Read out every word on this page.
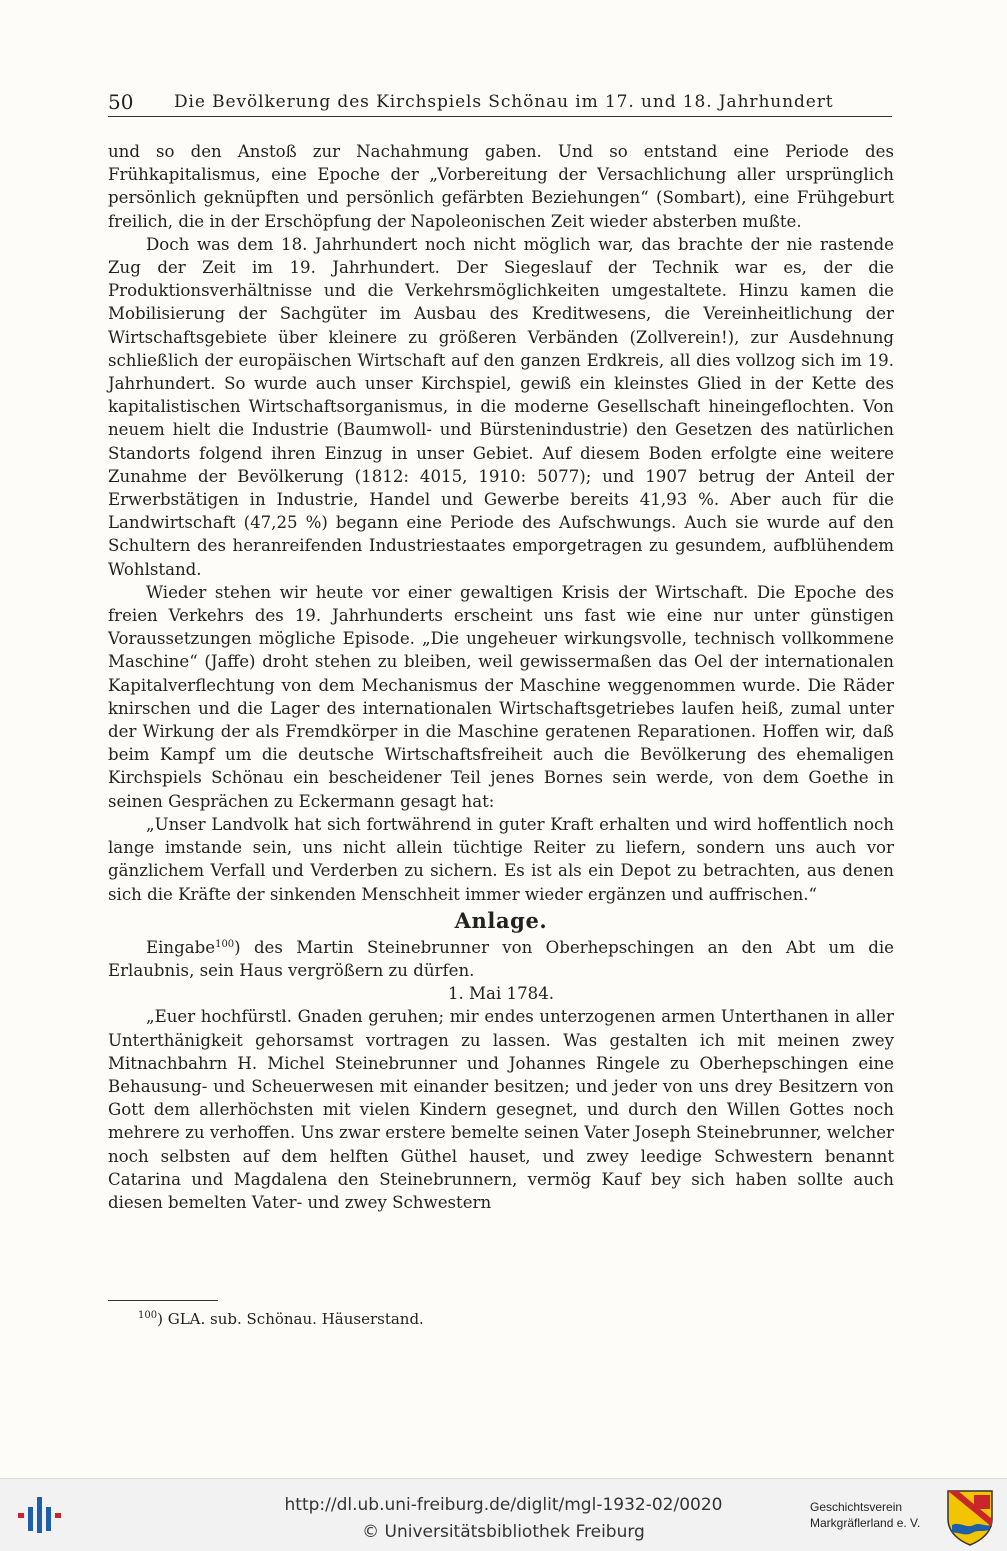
50 Die Bevölkerung des Kirchspiels Schönau im 17. und 18. Jahrhundert

und so den Anstoß zur Nachahmung gaben. Und so entstand eine Periode des Frühkapitalismus, eine Epoche der „Vorbereitung der Versachlichung aller ursprünglich persönlich geknüpften und persönlich gefärbten Beziehungen“ (Sombart), eine Frühgeburt freilich, die in der Erschöpfung der Napoleonischen Zeit wieder absterben mußte.

Doch was dem 18. Jahrhundert noch nicht möglich war, das brachte der nie rastende Zug der Zeit im 19. Jahrhundert. Der Siegeslauf der Technik war es, der die Produktionsverhältnisse und die Verkehrsmöglichkeiten umgestaltete. Hinzu kamen die Mobilisierung der Sachgüter im Ausbau des Kreditwesens, die Vereinheitlichung der Wirtschaftsgebiete über kleinere zu größeren Verbänden (Zollverein!), zur Ausdehnung schließlich der europäischen Wirtschaft auf den ganzen Erdkreis, all dies vollzog sich im 19. Jahrhundert. So wurde auch unser Kirchspiel, gewiß ein kleinstes Glied in der Kette des kapitalistischen Wirtschaftsorganismus, in die moderne Gesellschaft hineingeflochten. Von neuem hielt die Industrie (Baumwoll- und Bürstenindustrie) den Gesetzen des natürlichen Standorts folgend ihren Einzug in unser Gebiet. Auf diesem Boden erfolgte eine weitere Zunahme der Bevölkerung (1812: 4015, 1910: 5077); und 1907 betrug der Anteil der Erwerbstätigen in Industrie, Handel und Gewerbe bereits 41,93 %. Aber auch für die Landwirtschaft (47,25 %) begann eine Periode des Aufschwungs. Auch sie wurde auf den Schultern des heranreifenden Industriestaates emporgetragen zu gesundem, aufblühendem Wohlstand.

Wieder stehen wir heute vor einer gewaltigen Krisis der Wirtschaft. Die Epoche des freien Verkehrs des 19. Jahrhunderts erscheint uns fast wie eine nur unter günstigen Voraussetzungen mögliche Episode. „Die ungeheuer wirkungsvolle, technisch vollkommene Maschine“ (Jaffe) droht stehen zu bleiben, weil gewissermaßen das Oel der internationalen Kapitalverflechtung von dem Mechanismus der Maschine weggenommen wurde. Die Räder knirschen und die Lager des internationalen Wirtschaftsgetriebes laufen heiß, zumal unter der Wirkung der als Fremdkörper in die Maschine geratenen Reparationen. Hoffen wir, daß beim Kampf um die deutsche Wirtschaftsfreiheit auch die Bevölkerung des ehemaligen Kirchspiels Schönau ein bescheidener Teil jenes Bornes sein werde, von dem Goethe in seinen Gesprächen zu Eckermann gesagt hat:

„Unser Landvolk hat sich fortwährend in guter Kraft erhalten und wird hoffentlich noch lange imstande sein, uns nicht allein tüchtige Reiter zu liefern, sondern uns auch vor gänzlichem Verfall und Verderben zu sichern. Es ist als ein Depot zu betrachten, aus denen sich die Kräfte der sinkenden Menschheit immer wieder ergänzen und auffrischen.“

Anlage.

Eingabe$^{100}$) des Martin Steinebrunner von Oberhepschingen an den Abt um die Erlaubnis, sein Haus vergrößern zu dürfen.

1. Mai 1784.

„Euer hochfürstl. Gnaden geruhen; mir endes unterzogenen armen Unterthanen in aller Unterthänigkeit gehorsamst vortragen zu lassen. Was gestalten ich mit meinen zwey Mitnachbahrn H. Michel Steinebrunner und Johannes Ringele zu Oberhepschingen eine Behausung- und Scheuerwesen mit einander besitzen; und jeder von uns drey Besitzern von Gott dem allerhöchsten mit vielen Kindern gesegnet, und durch den Willen Gottes noch mehrere zu verhoffen. Uns zwar erstere bemelte seinen Vater Joseph Steinebrunner, welcher noch selbsten auf dem helften Güthel hauset, und zwey leedige Schwestern benannt Catarina und Magdalena den Steinebrunnern, vermög Kauf bey sich haben sollte auch diesen bemelten Vater- und zwey Schwestern

$^{100}$) GLA. sub. Schönau. Häuserstand.
http://dl.ub.uni-freiburg.de/diglit/mgl-1932-02/0020
© Universitätsbibliothek Freiburg
Geschichtsverein
Markgräflerland e. V.
